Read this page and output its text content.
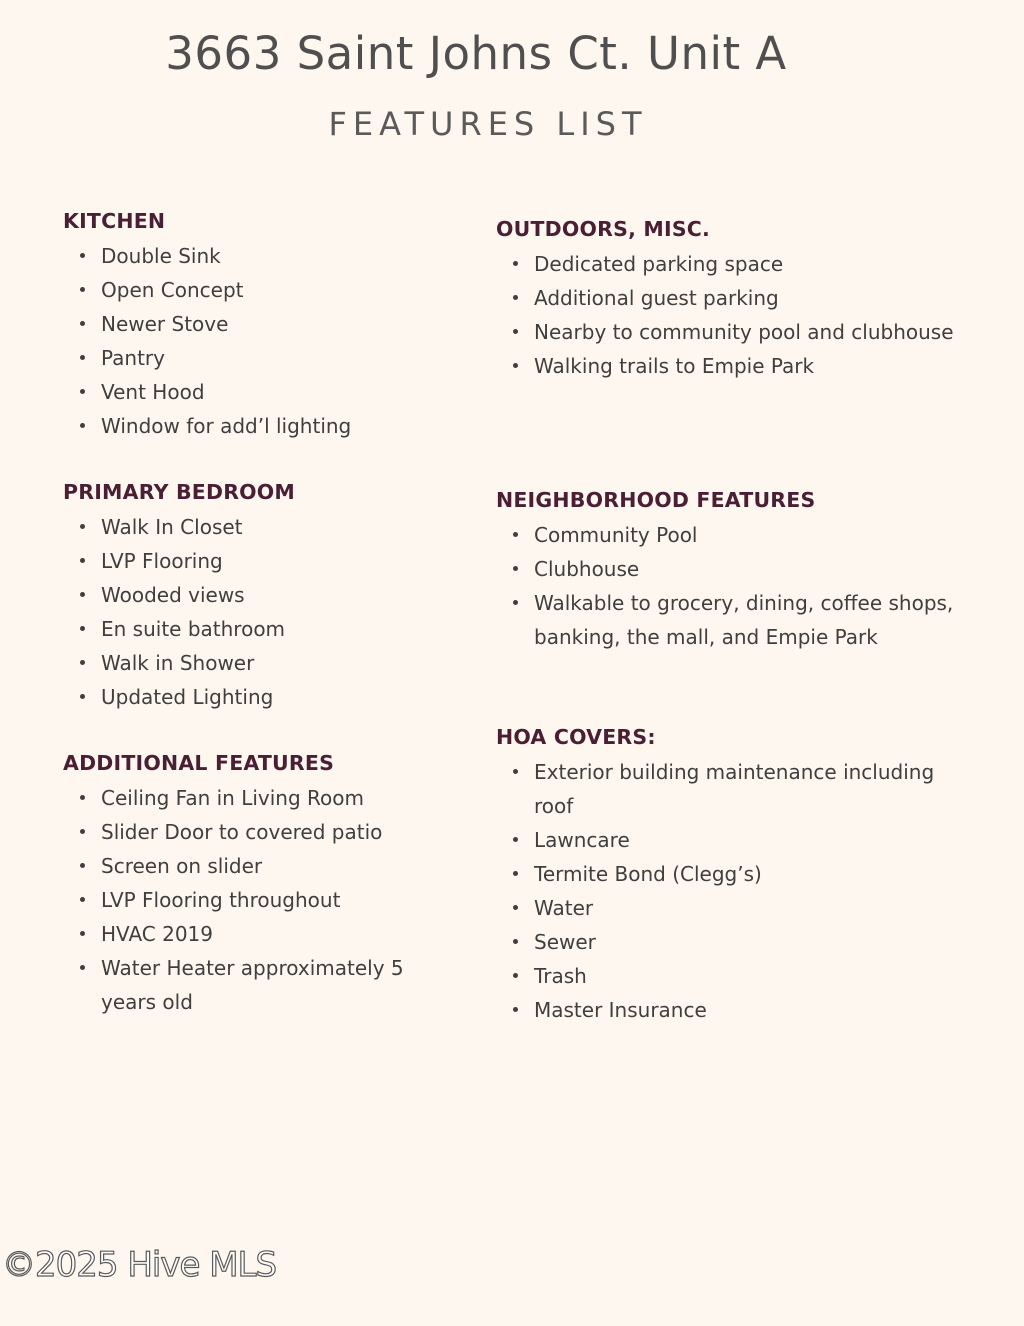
3663 Saint Johns Ct. Unit A
FEATURES LIST
KITCHEN
Double Sink
Open Concept
Newer Stove
Pantry
Vent Hood
Window for add’l lighting
PRIMARY BEDROOM
Walk In Closet
LVP Flooring
Wooded views
En suite bathroom
Walk in Shower
Updated Lighting
ADDITIONAL FEATURES
Ceiling Fan in Living Room
Slider Door to covered patio
Screen on slider
LVP Flooring throughout
HVAC 2019
Water Heater approximately 5 years old
OUTDOORS, MISC.
Dedicated parking space
Additional guest parking
Nearby to community pool and clubhouse
Walking trails to Empie Park
NEIGHBORHOOD FEATURES
Community Pool
Clubhouse
Walkable to grocery, dining, coffee shops, banking, the mall, and Empie Park
HOA COVERS:
Exterior building maintenance including roof
Lawncare
Termite Bond (Clegg’s)
Water
Sewer
Trash
Master Insurance
©2025 Hive MLS
